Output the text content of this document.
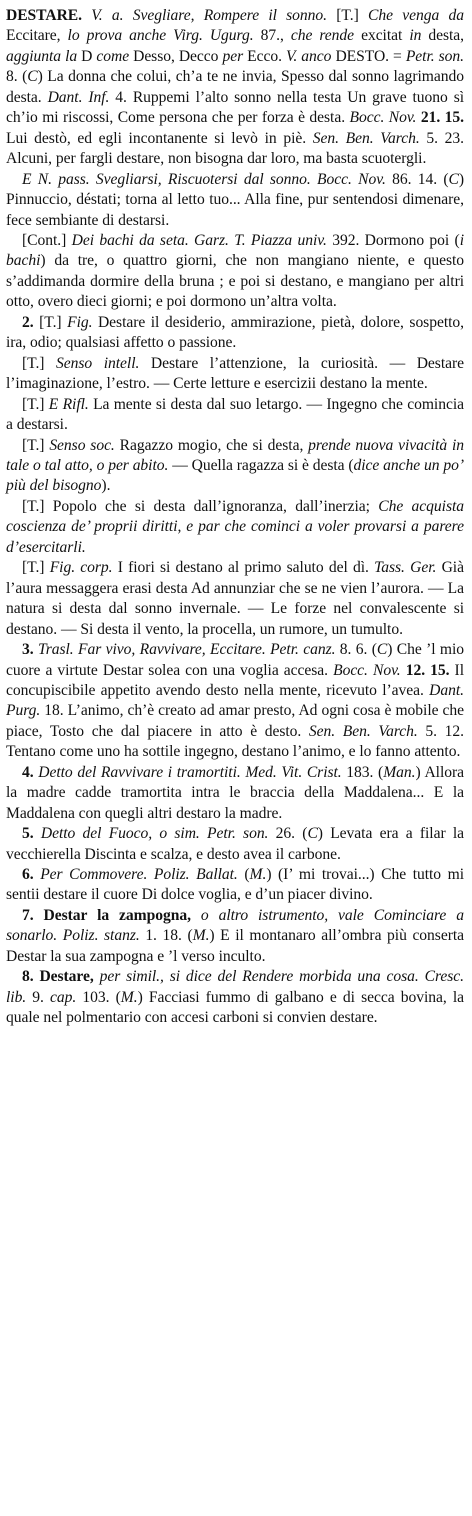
DESTARE. V. a. Svegliare, Rompere il sonno. [T.] Che venga da Eccitare, lo prova anche Virg. Ugurg. 87., che rende excitat in desta, aggiunta la D come Desso, Decco per Ecco. V. anco DESTO. = Petr. son. 8. (C) La donna che colui, ch’a te ne invia, Spesso dal sonno lagrimando desta. Dant. Inf. 4. Ruppemi l’alto sonno nella testa Un grave tuono sì ch’io mi riscossi, Come persona che per forza è desta. Bocc. Nov. 21. 15. Lui destò, ed egli incontanente si levò in piè. Sen. Ben. Varch. 5. 23. Alcuni, per fargli destare, non bisogna dar loro, ma basta scuotergli.

E N. pass. Svegliarsi, Riscuotersi dal sonno. Bocc. Nov. 86. 14. (C) Pinnuccio, déstati; torna al letto tuo... Alla fine, pur sentendosi dimenare, fece sembiante di destarsi.

[Cont.] Dei bachi da seta. Garz. T. Piazza univ. 392. Dormono poi (i bachi) da tre, o quattro giorni, che non mangiano niente, e questo s’addimanda dormire della bruna ; e poi si destano, e mangiano per altri otto, overo dieci giorni; e poi dormono un’altra volta.

2. [T.] Fig. Destare il desiderio, ammirazione, pietà, dolore, sospetto, ira, odio; qualsiasi affetto o passione.

[T.] Senso intell. Destare l’attenzione, la curiosità. — Destare l’imaginazione, l’estro. — Certe letture e esercizii destano la mente.

[T.] E Rifl. La mente si desta dal suo letargo. — Ingegno che comincia a destarsi.

[T.] Senso soc. Ragazzo mogio, che si desta, prende nuova vivacità in tale o tal atto, o per abito. — Quella ragazza si è desta (dice anche un po’ più del bisogno).

[T.] Popolo che si desta dall’ignoranza, dall’inerzia; Che acquista coscienza de’ proprii diritti, e par che cominci a voler provarsi a parere d’esercitarli.

[T.] Fig. corp. I fiori si destano al primo saluto del dì. Tass. Ger. Già l’aura messaggera erasi desta Ad annunziar che se ne vien l’aurora. — La natura si desta dal sonno invernale. — Le forze nel convalescente si destano. — Si desta il vento, la procella, un rumore, un tumulto.

3. Trasl. Far vivo, Ravvivare, Eccitare. Petr. canz. 8. 6. (C) Che ’l mio cuore a virtute Destar solea con una voglia accesa. Bocc. Nov. 12. 15. Il concupiscibile appetito avendo desto nella mente, ricevuto l’avea. Dant. Purg. 18. L’animo, ch’è creato ad amar presto, Ad ogni cosa è mobile che piace, Tosto che dal piacere in atto è desto. Sen. Ben. Varch. 5. 12. Tentano come uno ha sottile ingegno, destano l’animo, e lo fanno attento.

4. Detto del Ravvivare i tramortiti. Med. Vit. Crist. 183. (Man.) Allora la madre cadde tramortita intra le braccia della Maddalena... E la Maddalena con quegli altri destaro la madre.

5. Detto del Fuoco, o sim. Petr. son. 26. (C) Levata era a filar la vecchierella Discinta e scalza, e desto avea il carbone.

6. Per Commovere. Poliz. Ballat. (M.) (I’ mi trovai...) Che tutto mi sentii destare il cuore Di dolce voglia, e d’un piacer divino.

7. Destar la zampogna, o altro istrumento, vale Cominciare a sonarlo. Poliz. stanz. 1. 18. (M.) E il montanaro all’ombra più conserta Destar la sua zampogna e ’l verso inculto.

8. Destare, per simil., si dice del Rendere morbida una cosa. Cresc. lib. 9. cap. 103. (M.) Facciasi fummo di galbano e di secca bovina, la quale nel polmentario con accesi carboni si convien destare.
